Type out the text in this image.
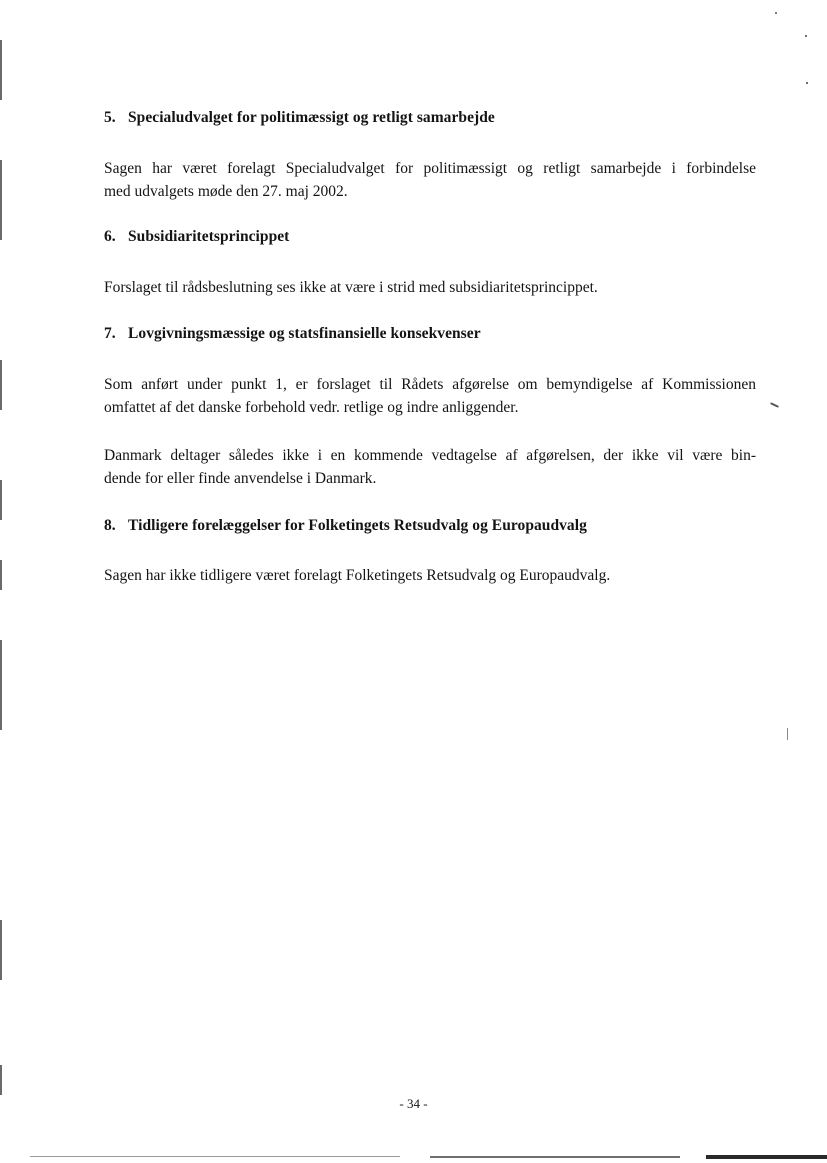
5. Specialudvalget for politimæssigt og retligt samarbejde
Sagen har været forelagt Specialudvalget for politimæssigt og retligt samarbejde i forbindelse
med udvalgets møde den 27. maj 2002.
6. Subsidiaritetsprincippet
Forslaget til rådsbeslutning ses ikke at være i strid med subsidiaritetsprincippet.
7. Lovgivningsmæssige og statsfinansielle konsekvenser
Som anført under punkt 1, er forslaget til Rådets afgørelse om bemyndigelse af Kommissionen
omfattet af det danske forbehold vedr. retlige og indre anliggender.
Danmark deltager således ikke i en kommende vedtagelse af afgørelsen, der ikke vil være bin-
dende for eller finde anvendelse i Danmark.
8. Tidligere forelæggelser for Folketingets Retsudvalg og Europaudvalg
Sagen har ikke tidligere været forelagt Folketingets Retsudvalg og Europaudvalg.
- 34 -
